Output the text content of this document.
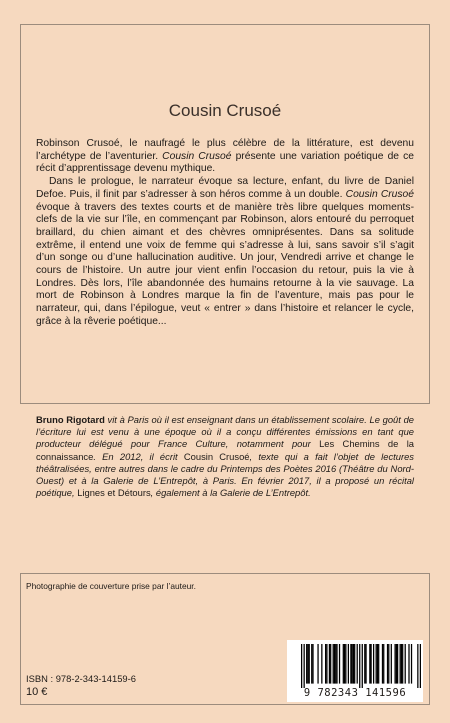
Cousin Crusoé

Robinson Crusoé, le naufragé le plus célèbre de la littérature, est devenu l’archétype de l’aventurier. Cousin Crusoé présente une variation poétique de ce récit d’apprentissage devenu mythique.

Dans le prologue, le narrateur évoque sa lecture, enfant, du livre de Daniel Defoe. Puis, il finit par s’adresser à son héros comme à un double. Cousin Crusoé évoque à travers des textes courts et de manière très libre quelques moments-clefs de la vie sur l’île, en commençant par Robinson, alors entouré du perroquet braillard, du chien aimant et des chèvres omniprésentes. Dans sa solitude extrême, il entend une voix de femme qui s’adresse à lui, sans savoir s’il s’agit d’un songe ou d’une hallucination auditive. Un jour, Vendredi arrive et change le cours de l’histoire. Un autre jour vient enfin l’occasion du retour, puis la vie à Londres. Dès lors, l’île abandonnée des humains retourne à la vie sauvage. La mort de Robinson à Londres marque la fin de l’aventure, mais pas pour le narrateur, qui, dans l’épilogue, veut « entrer » dans l’histoire et relancer le cycle, grâce à la rêverie poétique...

Bruno Rigotard vit à Paris où il est enseignant dans un établissement scolaire. Le goût de l’écriture lui est venu à une époque où il a conçu différentes émissions en tant que producteur délégué pour France Culture, notamment pour Les Chemins de la connaissance. En 2012, il écrit Cousin Crusoé, texte qui a fait l’objet de lectures théâtralisées, entre autres dans le cadre du Printemps des Poètes 2016 (Théâtre du Nord-Ouest) et à la Galerie de L’Entrepôt, à Paris. En février 2017, il a proposé un récital poétique, Lignes et Détours, également à la Galerie de L’Entrepôt.
Photographie de couverture prise par l’auteur.
ISBN : 978-2-343-14159-6
10 €	9 782343 141596
